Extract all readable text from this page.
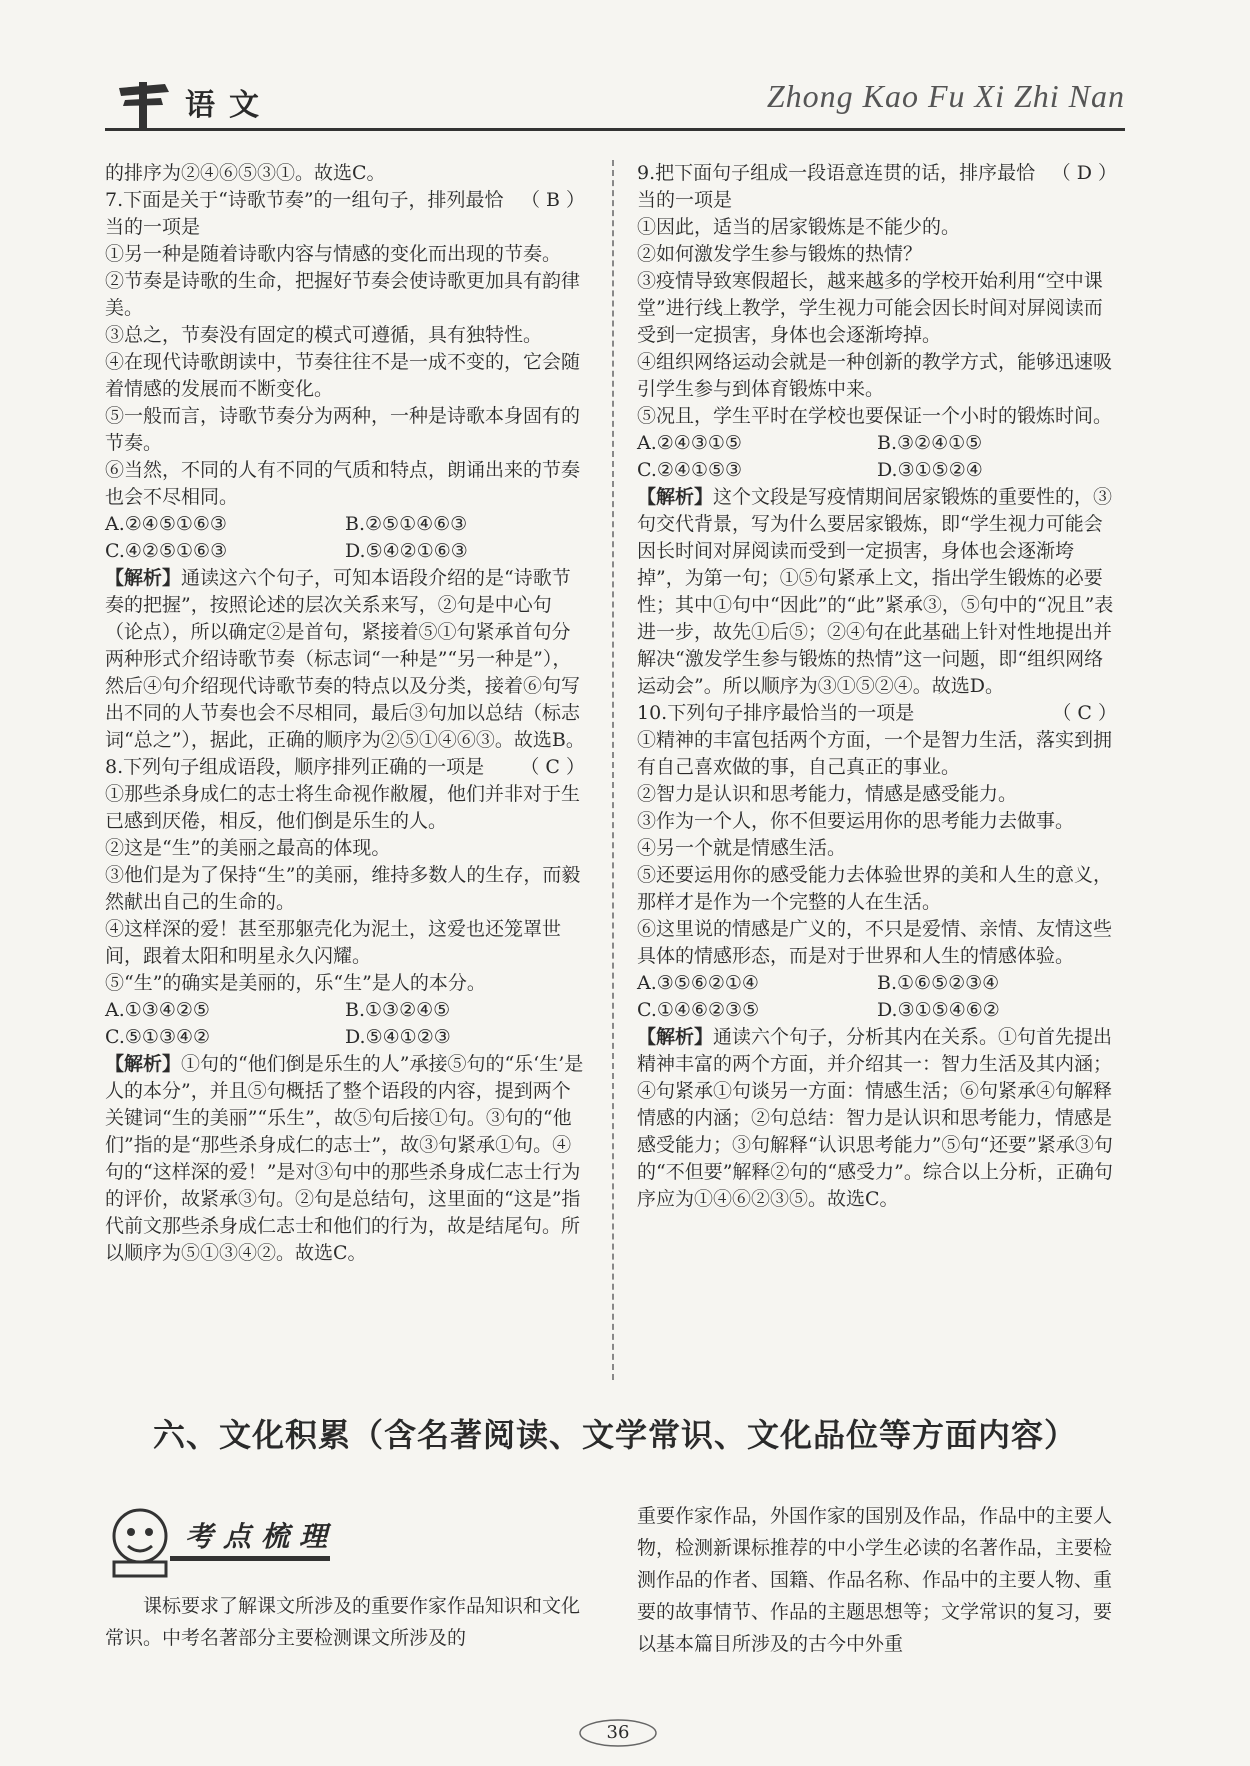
语文	Zhong Kao Fu Xi Zhi Nan

的排序为②④⑥⑤③①。故选C。

7.下面是关于“诗歌节奏”的一组句子，排列最恰当的一项是
（ B ）
①另一种是随着诗歌内容与情感的变化而出现的节奏。
②节奏是诗歌的生命，把握好节奏会使诗歌更加具有韵律美。
③总之，节奏没有固定的模式可遵循，具有独特性。
④在现代诗歌朗读中，节奏往往不是一成不变的，它会随着情感的发展而不断变化。
⑤一般而言，诗歌节奏分为两种，一种是诗歌本身固有的节奏。
⑥当然，不同的人有不同的气质和特点，朗诵出来的节奏也会不尽相同。
A.②④⑤①⑥③	B.②⑤①④⑥③
C.④②⑤①⑥③	D.⑤④②①⑥③
【解析】通读这六个句子，可知本语段介绍的是“诗歌节奏的把握”，按照论述的层次关系来写，②句是中心句（论点），所以确定②是首句，紧接着⑤①句紧承首句分两种形式介绍诗歌节奏（标志词“一种是”“另一种是”），然后④句介绍现代诗歌节奏的特点以及分类，接着⑥句写出不同的人节奏也会不尽相同，最后③句加以总结（标志词“总之”），据此，正确的顺序为②⑤①④⑥③。故选B。
8.下列句子组成语段，顺序排列正确的一项是	（ C ）
①那些杀身成仁的志士将生命视作敝履，他们并非对于生已感到厌倦，相反，他们倒是乐生的人。
②这是“生”的美丽之最高的体现。
③他们是为了保持“生”的美丽，维持多数人的生存，而毅然献出自己的生命的。
④这样深的爱！甚至那躯壳化为泥土，这爱也还笼罩世间，跟着太阳和明星永久闪耀。
⑤“生”的确实是美丽的，乐“生”是人的本分。
A.①③④②⑤	B.①③②④⑤
C.⑤①③④②	D.⑤④①②③
【解析】①句的“他们倒是乐生的人”承接⑤句的“乐‘生’是人的本分”，并且⑤句概括了整个语段的内容，提到两个关键词“生的美丽”“乐生”，故⑤句后接①句。③句的“他们”指的是“那些杀身成仁的志士”，故③句紧承①句。④句的“这样深的爱！”是对③句中的那些杀身成仁志士行为的评价，故紧承③句。②句是总结句，这里面的“这是”指代前文那些杀身成仁志士和他们的行为，故是结尾句。所以顺序为⑤①③④②。故选C。
9.把下面句子组成一段语意连贯的话，排序最恰当的一项是
（ D ）
①因此，适当的居家锻炼是不能少的。
②如何激发学生参与锻炼的热情？
③疫情导致寒假超长，越来越多的学校开始利用“空中课堂”进行线上教学，学生视力可能会因长时间对屏阅读而受到一定损害，身体也会逐渐垮掉。
④组织网络运动会就是一种创新的教学方式，能够迅速吸引学生参与到体育锻炼中来。
⑤况且，学生平时在学校也要保证一个小时的锻炼时间。
A.②④③①⑤	B.③②④①⑤
C.②④①⑤③	D.③①⑤②④
【解析】这个文段是写疫情期间居家锻炼的重要性的，③句交代背景，写为什么要居家锻炼，即“学生视力可能会因长时间对屏阅读而受到一定损害，身体也会逐渐垮掉”，为第一句；①⑤句紧承上文，指出学生锻炼的必要性；其中①句中“因此”的“此”紧承③，⑤句中的“况且”表进一步，故先①后⑤；②④句在此基础上针对性地提出并解决“激发学生参与锻炼的热情”这一问题，即“组织网络运动会”。所以顺序为③①⑤②④。故选D。
10.下列句子排序最恰当的一项是	（ C ）
①精神的丰富包括两个方面，一个是智力生活，落实到拥有自己喜欢做的事，自己真正的事业。
②智力是认识和思考能力，情感是感受能力。
③作为一个人，你不但要运用你的思考能力去做事。
④另一个就是情感生活。
⑤还要运用你的感受能力去体验世界的美和人生的意义，那样才是作为一个完整的人在生活。
⑥这里说的情感是广义的，不只是爱情、亲情、友情这些具体的情感形态，而是对于世界和人生的情感体验。
A.③⑤⑥②①④	B.①⑥⑤②③④
C.①④⑥②③⑤	D.③①⑤④⑥②
【解析】通读六个句子，分析其内在关系。①句首先提出精神丰富的两个方面，并介绍其一：智力生活及其内涵；④句紧承①句谈另一方面：情感生活；⑥句紧承④句解释情感的内涵；②句总结：智力是认识和思考能力，情感是感受能力；③句解释“认识思考能力”⑤句“还要”紧承③句的“不但要”解释②句的“感受力”。综合以上分析，正确句序应为①④⑥②③⑤。故选C。
六、文化积累（含名著阅读、文学常识、文化品位等方面内容）
考点梳理
课标要求了解课文所涉及的重要作家作品知识和文化常识。中考名著部分主要检测课文所涉及的
重要作家作品，外国作家的国别及作品，作品中的主要人物，检测新课标推荐的中小学生必读的名著作品，主要检测作品的作者、国籍、作品名称、作品中的主要人物、重要的故事情节、作品的主题思想等；文学常识的复习，要以基本篇目所涉及的古今中外重
36
